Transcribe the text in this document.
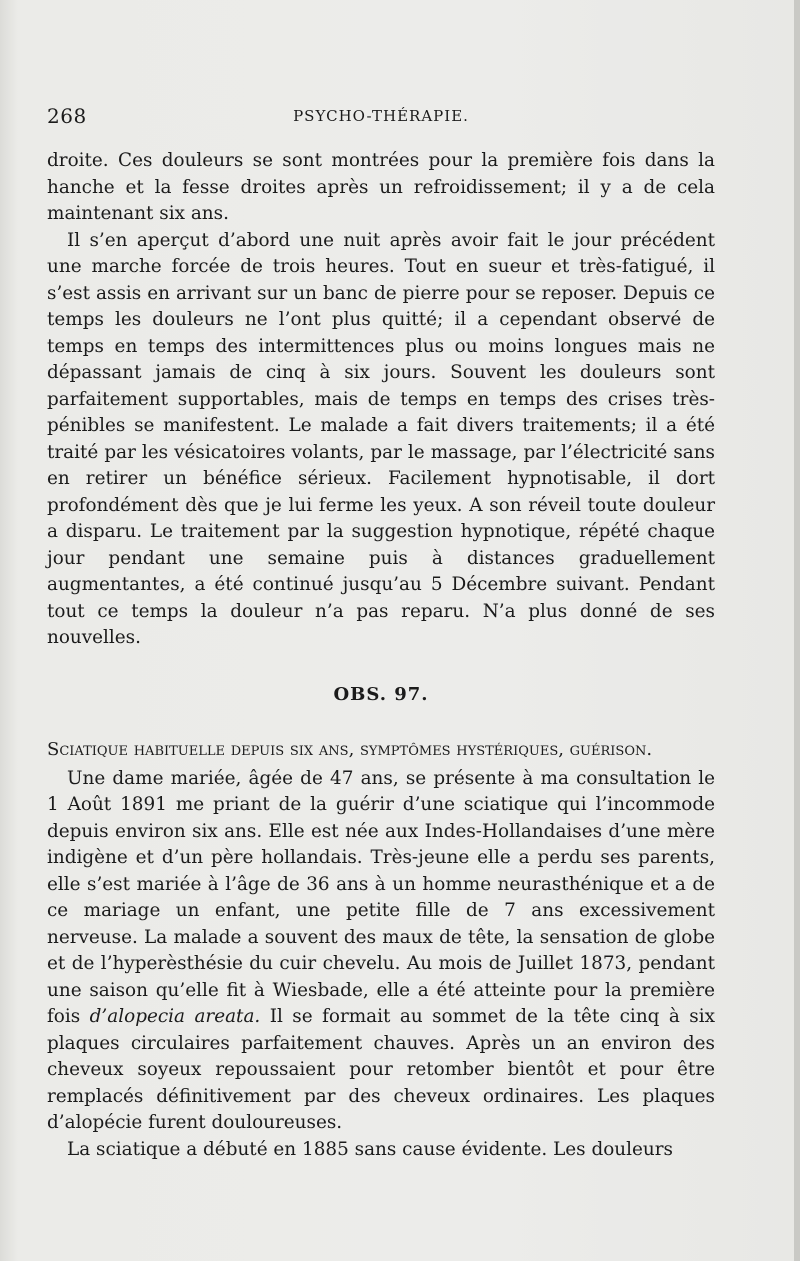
268	PSYCHO-THÉRAPIE.

droite. Ces douleurs se sont montrées pour la première fois dans la hanche et la fesse droites après un refroidissement; il y a de cela maintenant six ans.

Il s’en aperçut d’abord une nuit après avoir fait le jour précédent une marche forcée de trois heures. Tout en sueur et très-fatigué, il s’est assis en arrivant sur un banc de pierre pour se reposer. Depuis ce temps les douleurs ne l’ont plus quitté; il a cependant observé de temps en temps des intermittences plus ou moins longues mais ne dépassant jamais de cinq à six jours. Souvent les douleurs sont parfaitement supportables, mais de temps en temps des crises très-pénibles se manifestent. Le malade a fait divers traitements; il a été traité par les vésicatoires volants, par le massage, par l’électricité sans en retirer un bénéfice sérieux. Facilement hypnotisable, il dort profondément dès que je lui ferme les yeux. A son réveil toute douleur a disparu. Le traitement par la suggestion hypnotique, répété chaque jour pendant une semaine puis à distances graduellement augmentantes, a été continué jusqu’au 5 Décembre suivant. Pendant tout ce temps la douleur n’a pas reparu. N’a plus donné de ses nouvelles.

OBS. 97.
Sciatique habituelle depuis six ans, symptômes hystériques, guérison.

Une dame mariée, âgée de 47 ans, se présente à ma consultation le 1 Août 1891 me priant de la guérir d’une sciatique qui l’incommode depuis environ six ans. Elle est née aux Indes-Hollandaises d’une mère indigène et d’un père hollandais. Très-jeune elle a perdu ses parents, elle s’est mariée à l’âge de 36 ans à un homme neurasthénique et a de ce mariage un enfant, une petite fille de 7 ans excessivement nerveuse. La malade a souvent des maux de tête, la sensation de globe et de l’hyperèsthésie du cuir chevelu. Au mois de Juillet 1873, pendant une saison qu’elle fit à Wiesbade, elle a été atteinte pour la première fois d’alopecia areata. Il se formait au sommet de la tête cinq à six plaques circulaires parfaitement chauves. Après un an environ des cheveux soyeux repoussaient pour retomber bientôt et pour être remplacés définitivement par des cheveux ordinaires. Les plaques d’alopécie furent douloureuses.

La sciatique a débuté en 1885 sans cause évidente. Les douleurs
